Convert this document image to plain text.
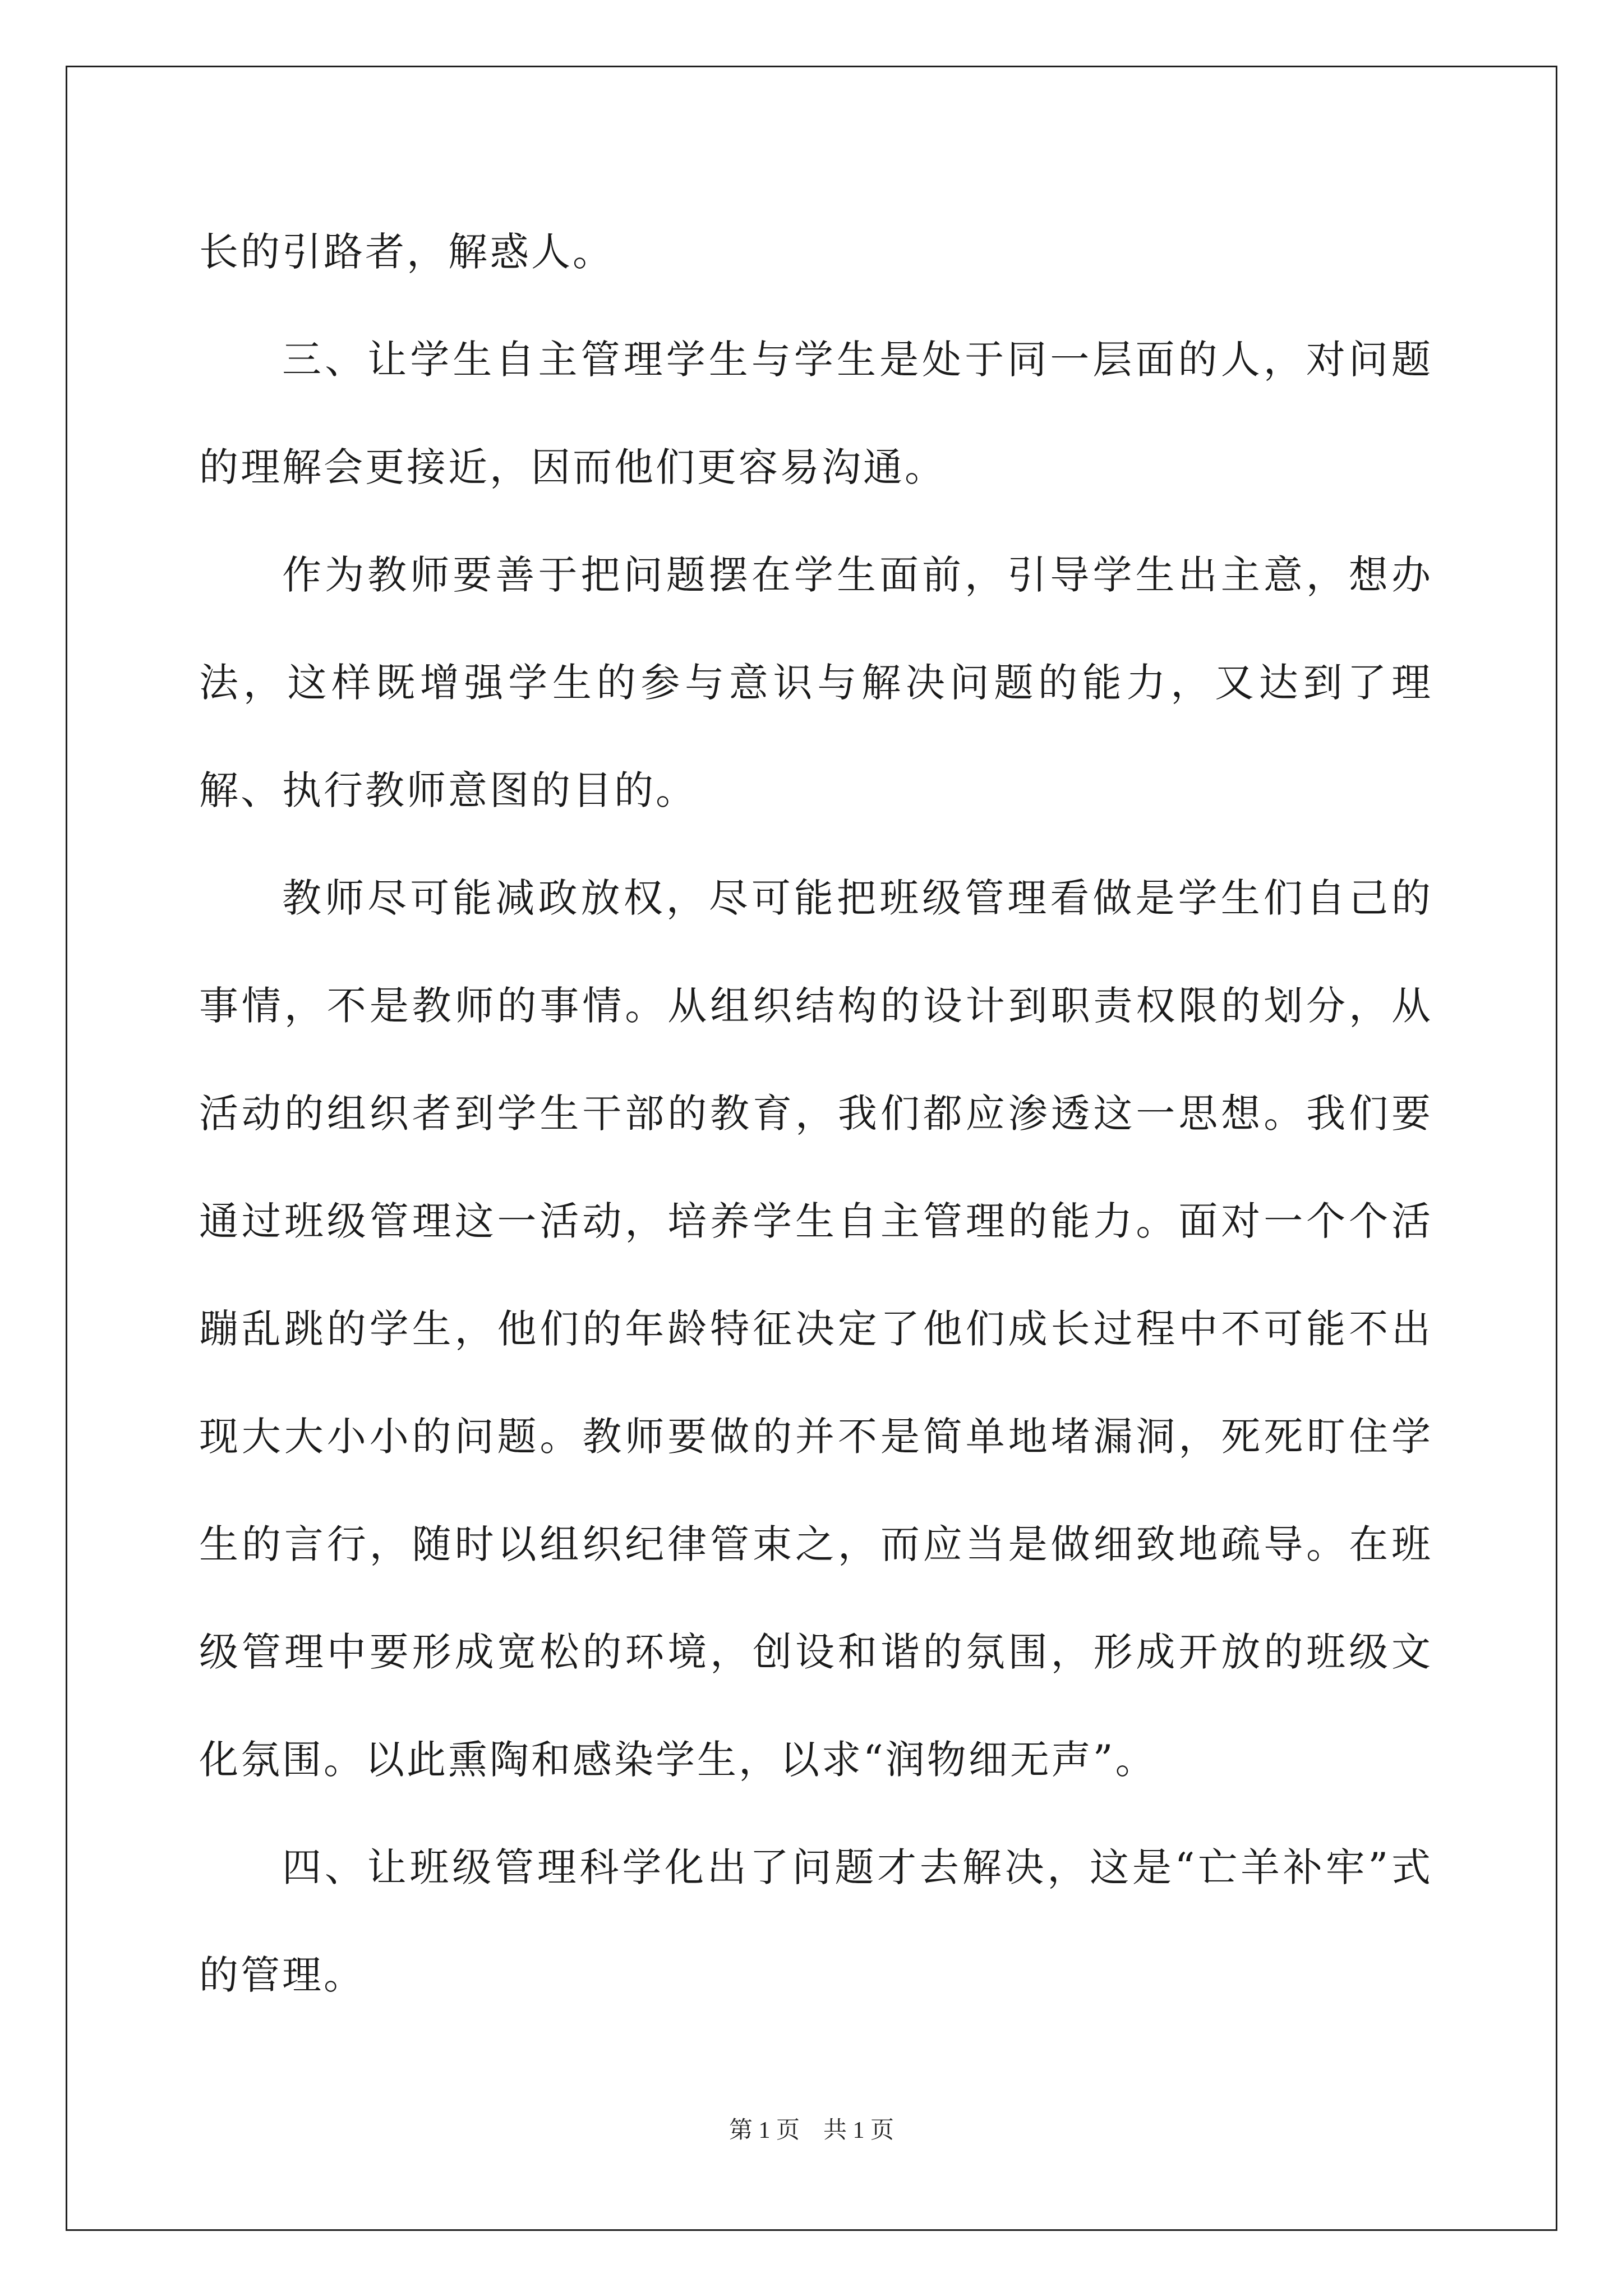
长的引路者，解惑人。

三、让学生自主管理学生与学生是处于同一层面的人，对问题的理解会更接近，因而他们更容易沟通。

作为教师要善于把问题摆在学生面前，引导学生出主意，想办法，这样既增强学生的参与意识与解决问题的能力，又达到了理解、执行教师意图的目的。

教师尽可能减政放权，尽可能把班级管理看做是学生们自己的事情，不是教师的事情。从组织结构的设计到职责权限的划分，从活动的组织者到学生干部的教育，我们都应渗透这一思想。我们要通过班级管理这一活动，培养学生自主管理的能力。面对一个个活蹦乱跳的学生，他们的年龄特征决定了他们成长过程中不可能不出现大大小小的问题。教师要做的并不是简单地堵漏洞，死死盯住学生的言行，随时以组织纪律管束之，而应当是做细致地疏导。在班级管理中要形成宽松的环境，创设和谐的氛围，形成开放的班级文化氛围。以此熏陶和感染学生，以求“润物细无声”。

四、让班级管理科学化出了问题才去解决，这是“亡羊补牢”式的管理。

第 1 页　共 1 页
